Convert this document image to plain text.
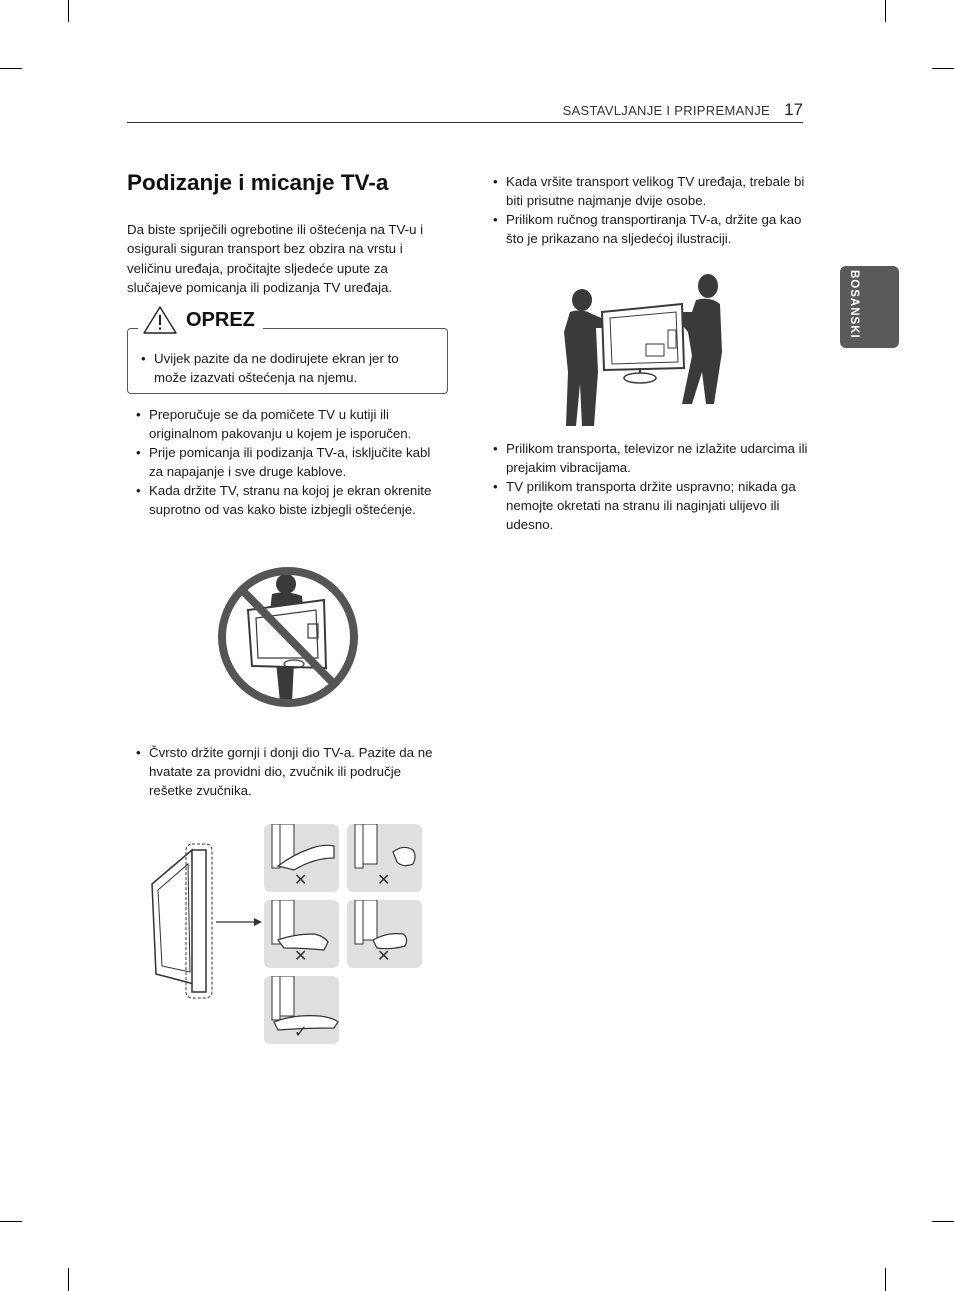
SASTAVLJANJE I PRIPREMANJE 17
BOSANSKI
Podizanje i micanje TV-a

Da biste spriječili ogrebotine ili oštećenja na TV-u i osigurali siguran transport bez obzira na vrstu i veličinu uređaja, pročitajte sljedeće upute za slučajeve pomicanja ili podizanja TV uređaja.

OPREZ
• Uvijek pazite da ne dodirujete ekran jer to može izazvati oštećenja na njemu.
• Preporučuje se da pomičete TV u kutiji ili originalnom pakovanju u kojem je isporučen.
• Prije pomicanja ili podizanja TV-a, isključite kabl za napajanje i sve druge kablove.
• Kada držite TV, stranu na kojoj je ekran okrenite suprotno od vas kako biste izbjegli oštećenje.
• Čvrsto držite gornji i donji dio TV-a. Pazite da ne hvatate za providni dio, zvučnik ili područje rešetke zvučnika.
✕	✕
✕	✕
✓
• Kada vršite transport velikog TV uređaja, trebale bi biti prisutne najmanje dvije osobe.
• Prilikom ručnog transportiranja TV-a, držite ga kao što je prikazano na sljedećoj ilustraciji.
• Prilikom transporta, televizor ne izlažite udarcima ili prejakim vibracijama.
• TV prilikom transporta držite uspravno; nikada ga nemojte okretati na stranu ili naginjati ulijevo ili udesno.
